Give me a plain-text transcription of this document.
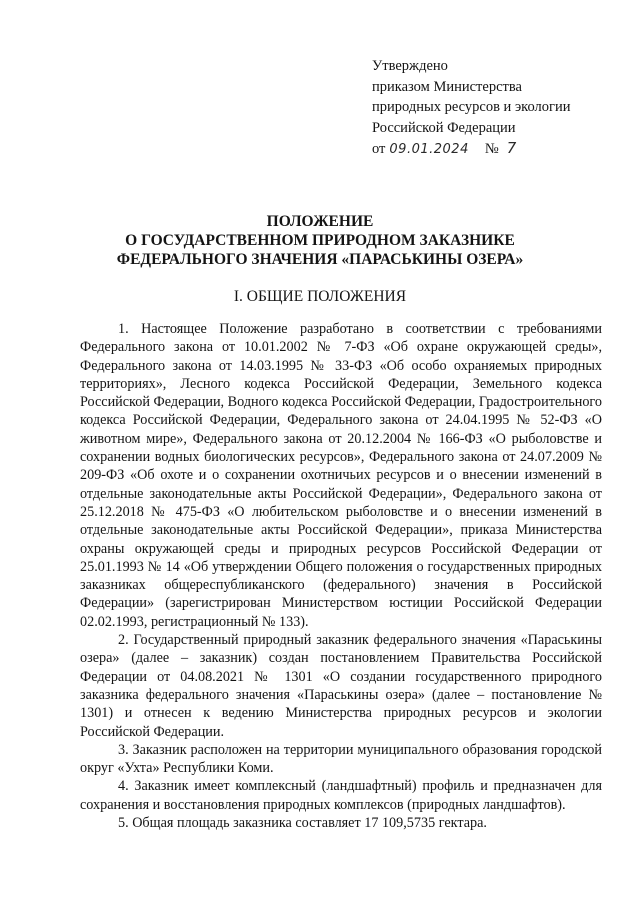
Утверждено
приказом Министерства
природных ресурсов и экологии
Российской Федерации
от 09.01.2024 № 7
ПОЛОЖЕНИЕ
О ГОСУДАРСТВЕННОМ ПРИРОДНОМ ЗАКАЗНИКЕ
ФЕДЕРАЛЬНОГО ЗНАЧЕНИЯ «ПАРАСЬКИНЫ ОЗЕРА»
I. ОБЩИЕ ПОЛОЖЕНИЯ

1. Настоящее Положение разработано в соответствии с требованиями Федерального закона от 10.01.2002 № 7-ФЗ «Об охране окружающей среды», Федерального закона от 14.03.1995 № 33-ФЗ «Об особо охраняемых природных территориях», Лесного кодекса Российской Федерации, Земельного кодекса Российской Федерации, Водного кодекса Российской Федерации, Градостроительного кодекса Российской Федерации, Федерального закона от 24.04.1995 № 52-ФЗ «О животном мире», Федерального закона от 20.12.2004 № 166-ФЗ «О рыболовстве и сохранении водных биологических ресурсов», Федерального закона от 24.07.2009 № 209-ФЗ «Об охоте и о сохранении охотничьих ресурсов и о внесении изменений в отдельные законодательные акты Российской Федерации», Федерального закона от 25.12.2018 № 475-ФЗ «О любительском рыболовстве и о внесении изменений в отдельные законодательные акты Российской Федерации», приказа Министерства охраны окружающей среды и природных ресурсов Российской Федерации от 25.01.1993 № 14 «Об утверждении Общего положения о государственных природных заказниках общереспубликанского (федерального) значения в Российской Федерации» (зарегистрирован Министерством юстиции Российской Федерации 02.02.1993, регистрационный № 133).

2. Государственный природный заказник федерального значения «Параськины озера» (далее – заказник) создан постановлением Правительства Российской Федерации от 04.08.2021 № 1301 «О создании государственного природного заказника федерального значения «Параськины озера» (далее – постановление № 1301) и отнесен к ведению Министерства природных ресурсов и экологии Российской Федерации.

3. Заказник расположен на территории муниципального образования городской округ «Ухта» Республики Коми.

4. Заказник имеет комплексный (ландшафтный) профиль и предназначен для сохранения и восстановления природных комплексов (природных ландшафтов).

5. Общая площадь заказника составляет 17 109,5735 гектара.
